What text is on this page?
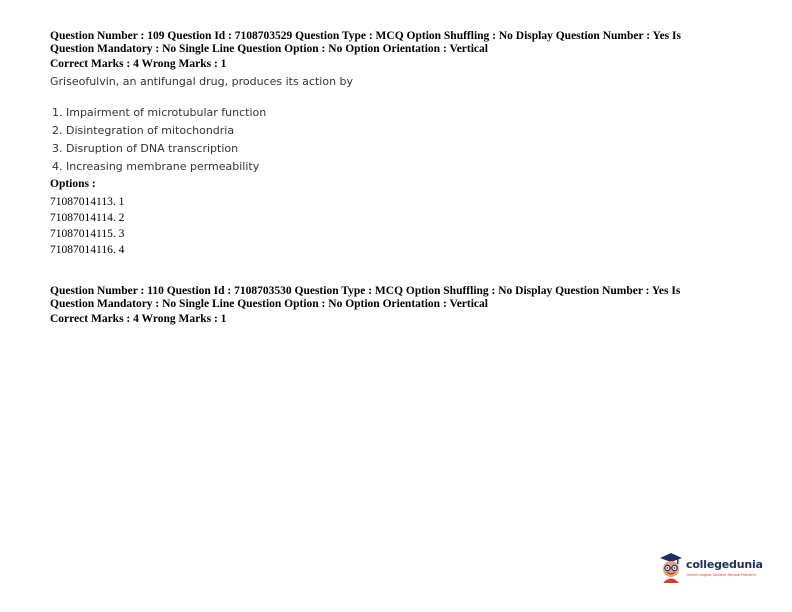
Question Number : 109 Question Id : 7108703529 Question Type : MCQ Option Shuffling : No Display Question Number : Yes Is
Question Mandatory : No Single Line Question Option : No Option Orientation : Vertical
Correct Marks : 4 Wrong Marks : 1
Griseofulvin, an antifungal drug, produces its action by
1. Impairment of microtubular function
2. Disintegration of mitochondria
3. Disruption of DNA transcription
4. Increasing membrane permeability
Options :
71087014113. 1
71087014114. 2
71087014115. 3
71087014116. 4
Question Number : 110 Question Id : 7108703530 Question Type : MCQ Option Shuffling : No Display Question Number : Yes Is
Question Mandatory : No Single Line Question Option : No Option Orientation : Vertical
Correct Marks : 4 Wrong Marks : 1
collegedunia
India's largest Student Review Platform
